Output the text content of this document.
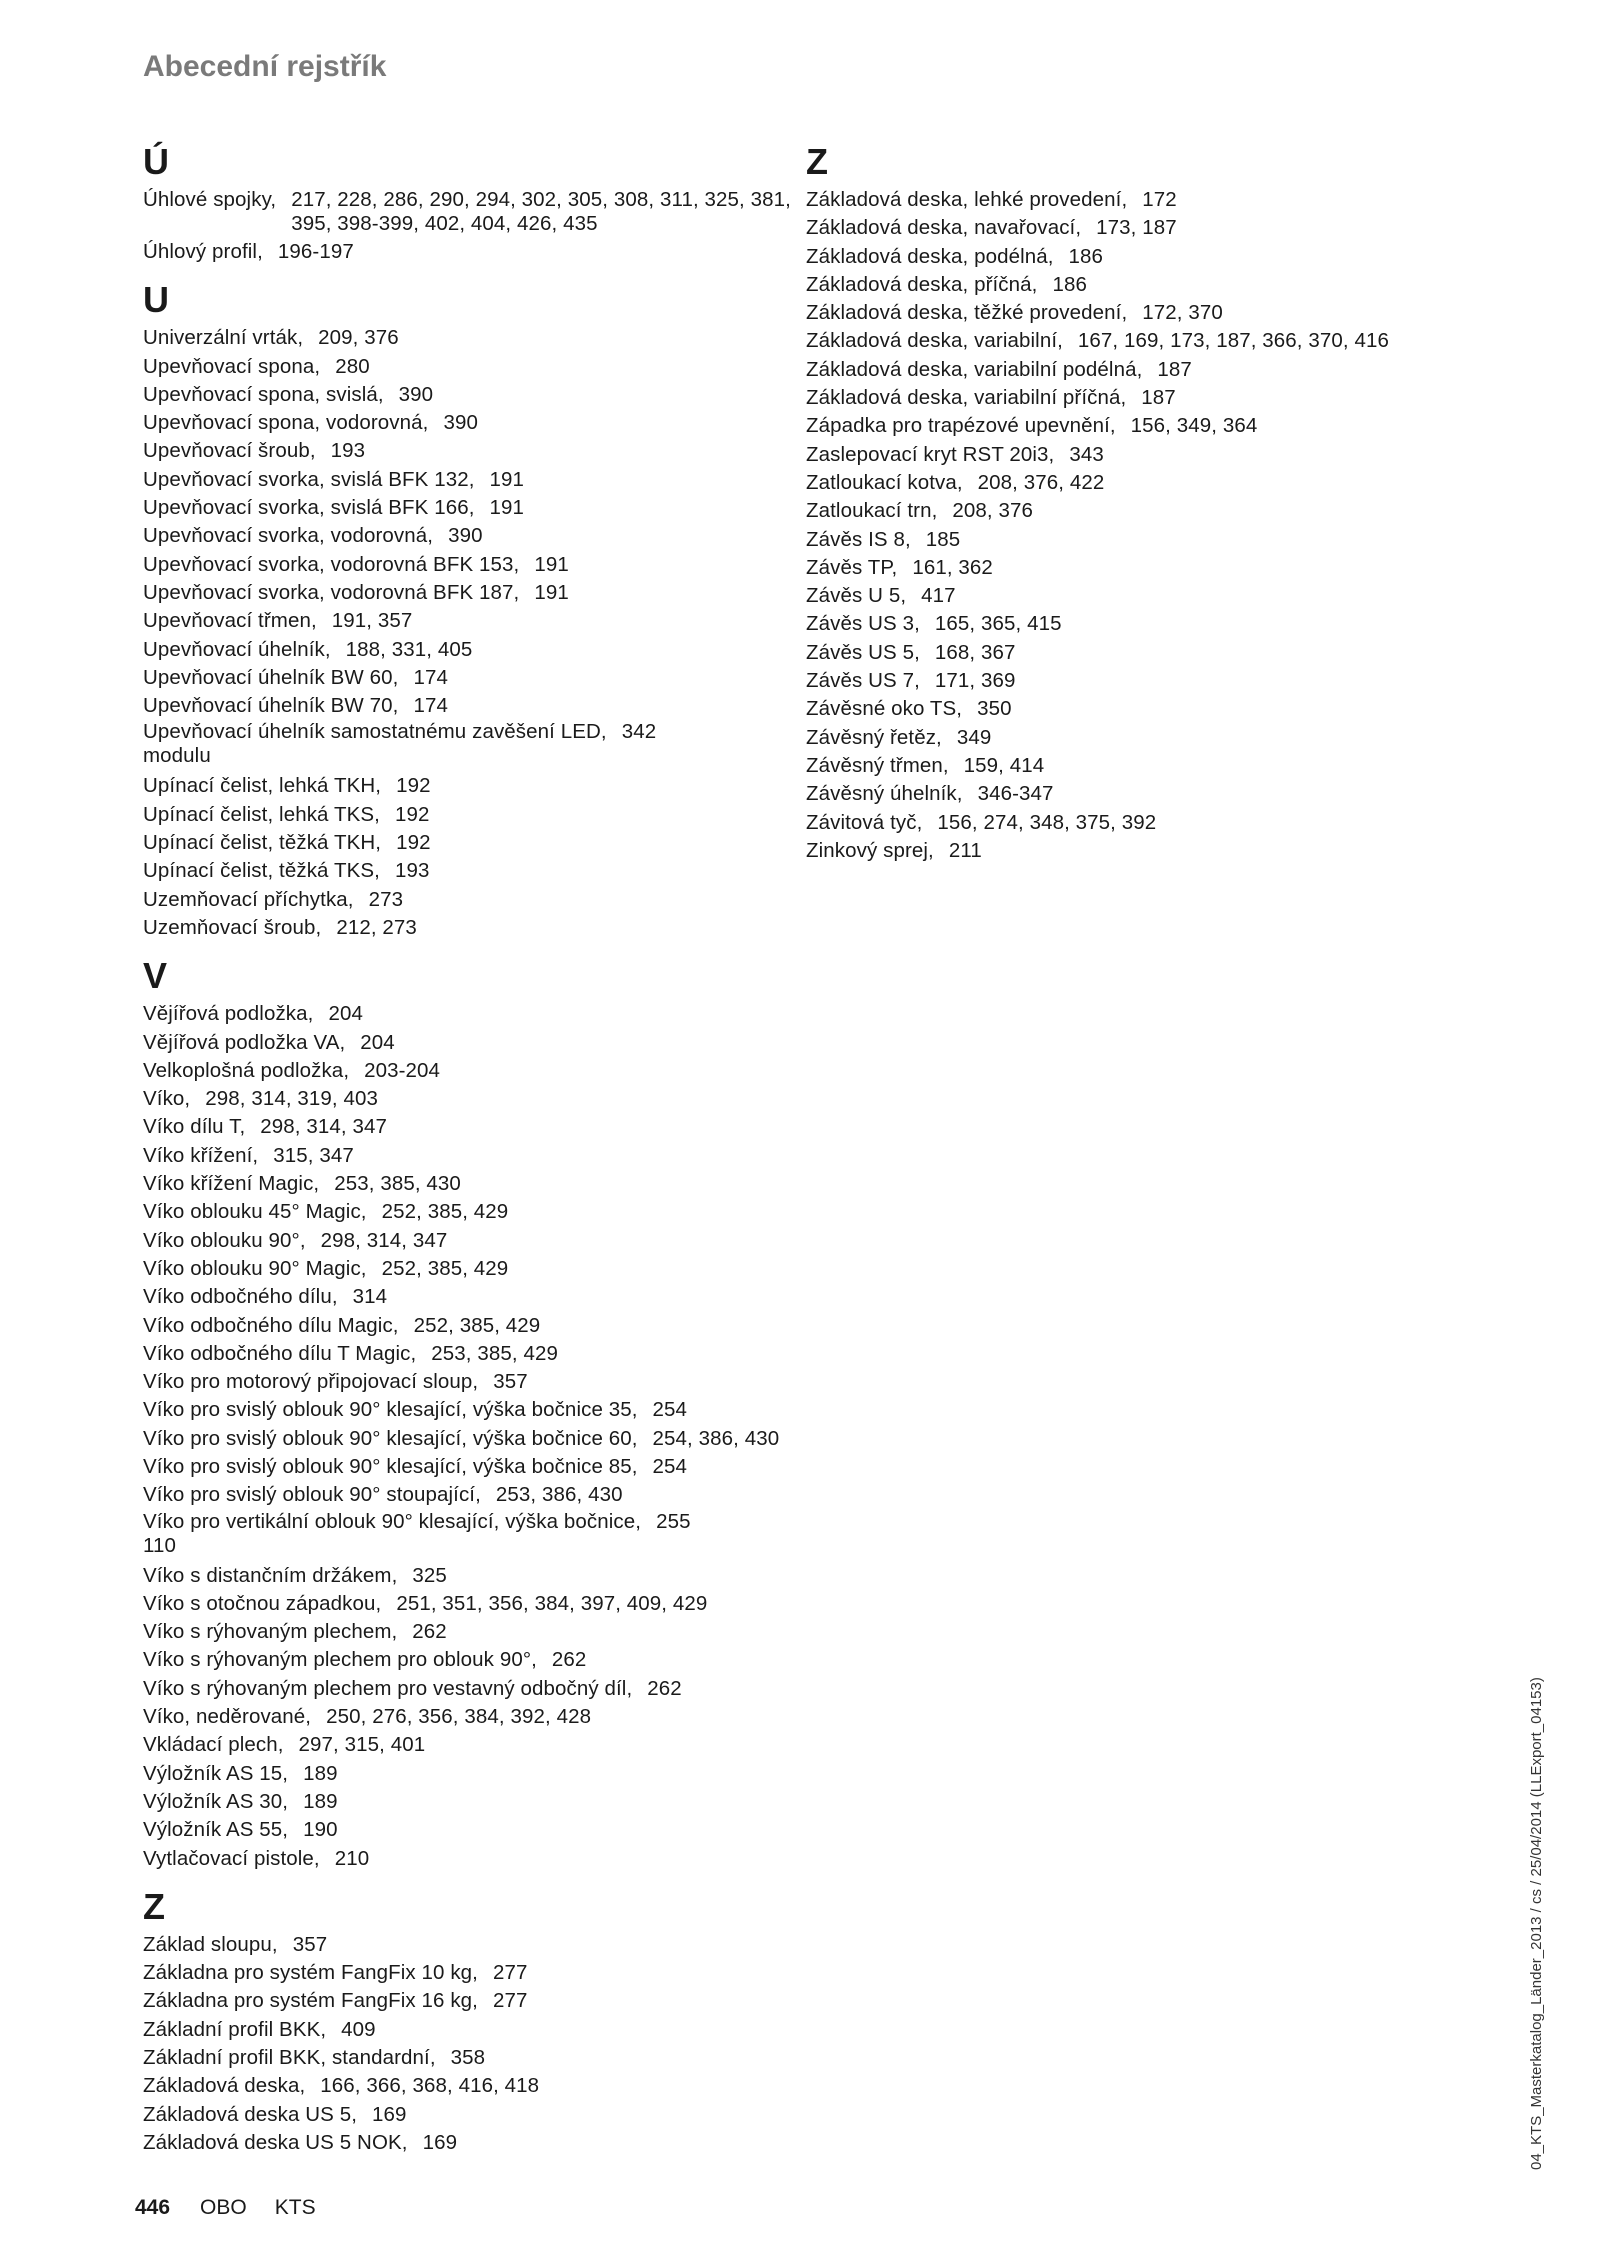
Abecední rejstřík
Ú
Úhlové spojky, 217, 228, 286, 290, 294, 302, 305, 308, 311, 325, 381, 395, 398-399, 402, 404, 426, 435
Úhlový profil, 196-197
U
Univerzální vrták, 209, 376
Upevňovací spona, 280
Upevňovací spona, svislá, 390
Upevňovací spona, vodorovná, 390
Upevňovací šroub, 193
Upevňovací svorka, svislá BFK 132, 191
Upevňovací svorka, svislá BFK 166, 191
Upevňovací svorka, vodorovná, 390
Upevňovací svorka, vodorovná BFK 153, 191
Upevňovací svorka, vodorovná BFK 187, 191
Upevňovací třmen, 191, 357
Upevňovací úhelník, 188, 331, 405
Upevňovací úhelník BW 60, 174
Upevňovací úhelník BW 70, 174
Upevňovací úhelník samostatnému zavěšení LED, 342
modulu
Upínací čelist, lehká TKH, 192
Upínací čelist, lehká TKS, 192
Upínací čelist, těžká TKH, 192
Upínací čelist, těžká TKS, 193
Uzemňovací příchytka, 273
Uzemňovací šroub, 212, 273
V
Vějířová podložka, 204
Vějířová podložka VA, 204
Velkoplošná podložka, 203-204
Víko, 298, 314, 319, 403
Víko dílu T, 298, 314, 347
Víko křížení, 315, 347
Víko křížení Magic, 253, 385, 430
Víko oblouku 45° Magic, 252, 385, 429
Víko oblouku 90°, 298, 314, 347
Víko oblouku 90° Magic, 252, 385, 429
Víko odbočného dílu, 314
Víko odbočného dílu Magic, 252, 385, 429
Víko odbočného dílu T Magic, 253, 385, 429
Víko pro motorový připojovací sloup, 357
Víko pro svislý oblouk 90° klesající, výška bočnice 35, 254
Víko pro svislý oblouk 90° klesající, výška bočnice 60, 254, 386, 430
Víko pro svislý oblouk 90° klesající, výška bočnice 85, 254
Víko pro svislý oblouk 90° stoupající, 253, 386, 430
Víko pro vertikální oblouk 90° klesající, výška bočnice, 255
110
Víko s distančním držákem, 325
Víko s otočnou západkou, 251, 351, 356, 384, 397, 409, 429
Víko s rýhovaným plechem, 262
Víko s rýhovaným plechem pro oblouk 90°, 262
Víko s rýhovaným plechem pro vestavný odbočný díl, 262
Víko, neděrované, 250, 276, 356, 384, 392, 428
Vkládací plech, 297, 315, 401
Výložník AS 15, 189
Výložník AS 30, 189
Výložník AS 55, 190
Vytlačovací pistole, 210
Z
Základ sloupu, 357
Základna pro systém FangFix 10 kg, 277
Základna pro systém FangFix 16 kg, 277
Základní profil BKK, 409
Základní profil BKK, standardní, 358
Základová deska, 166, 366, 368, 416, 418
Základová deska US 5, 169
Základová deska US 5 NOK, 169
Z
Základová deska, lehké provedení, 172
Základová deska, navařovací, 173, 187
Základová deska, podélná, 186
Základová deska, příčná, 186
Základová deska, těžké provedení, 172, 370
Základová deska, variabilní, 167, 169, 173, 187, 366, 370, 416
Základová deska, variabilní podélná, 187
Základová deska, variabilní příčná, 187
Západka pro trapézové upevnění, 156, 349, 364
Zaslepovací kryt RST 20i3, 343
Zatloukací kotva, 208, 376, 422
Zatloukací trn, 208, 376
Závěs IS 8, 185
Závěs TP, 161, 362
Závěs U 5, 417
Závěs US 3, 165, 365, 415
Závěs US 5, 168, 367
Závěs US 7, 171, 369
Závěsné oko TS, 350
Závěsný řetěz, 349
Závěsný třmen, 159, 414
Závěsný úhelník, 346-347
Závitová tyč, 156, 274, 348, 375, 392
Zinkový sprej, 211
446 OBO KTS
04_KTS_Masterkatalog_Länder_2013 / cs / 25/04/2014 (LLExport_04153)
